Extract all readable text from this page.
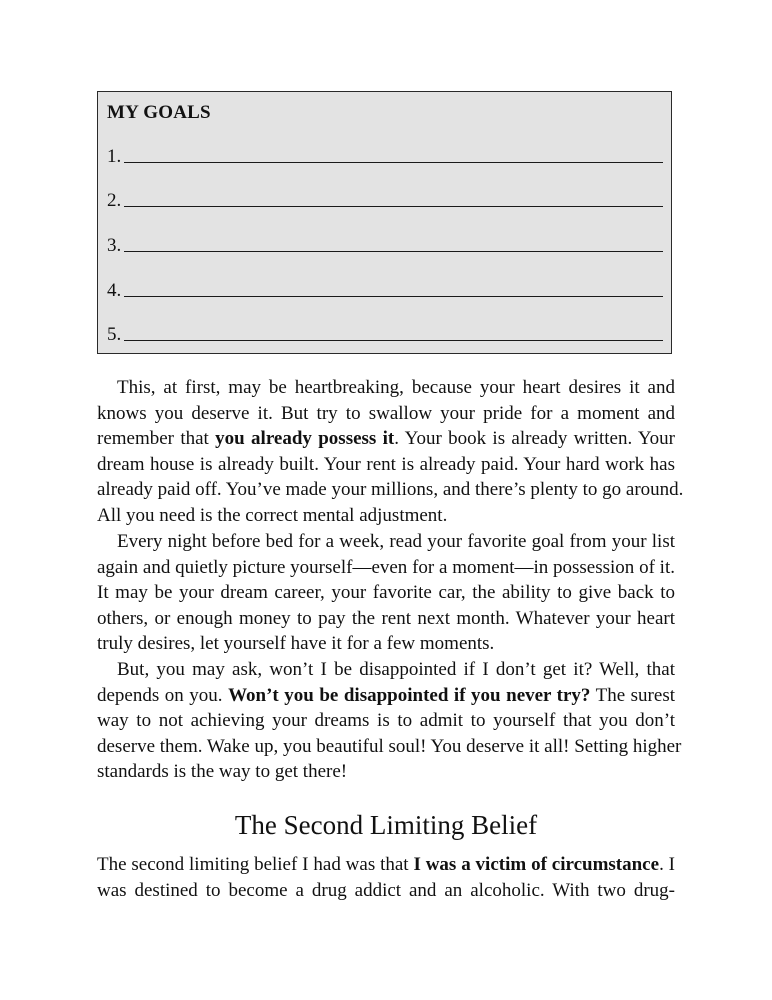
MY GOALS
1.
2.
3.
4.
5.
This, at first, may be heartbreaking, because your heart desires it and
knows you deserve it. But try to swallow your pride for a moment and
remember that you already possess it. Your book is already written. Your
dream house is already built. Your rent is already paid. Your hard work has
already paid off. You’ve made your millions, and there’s plenty to go around.
All you need is the correct mental adjustment.
Every night before bed for a week, read your favorite goal from your list
again and quietly picture yourself—even for a moment—in possession of it.
It may be your dream career, your favorite car, the ability to give back to
others, or enough money to pay the rent next month. Whatever your heart
truly desires, let yourself have it for a few moments.
But, you may ask, won’t I be disappointed if I don’t get it? Well, that
depends on you. Won’t you be disappointed if you never try? The surest
way to not achieving your dreams is to admit to yourself that you don’t
deserve them. Wake up, you beautiful soul! You deserve it all! Setting higher
standards is the way to get there!
The Second Limiting Belief
The second limiting belief I had was that I was a victim of circumstance. I
was destined to become a drug addict and an alcoholic. With two drug-
